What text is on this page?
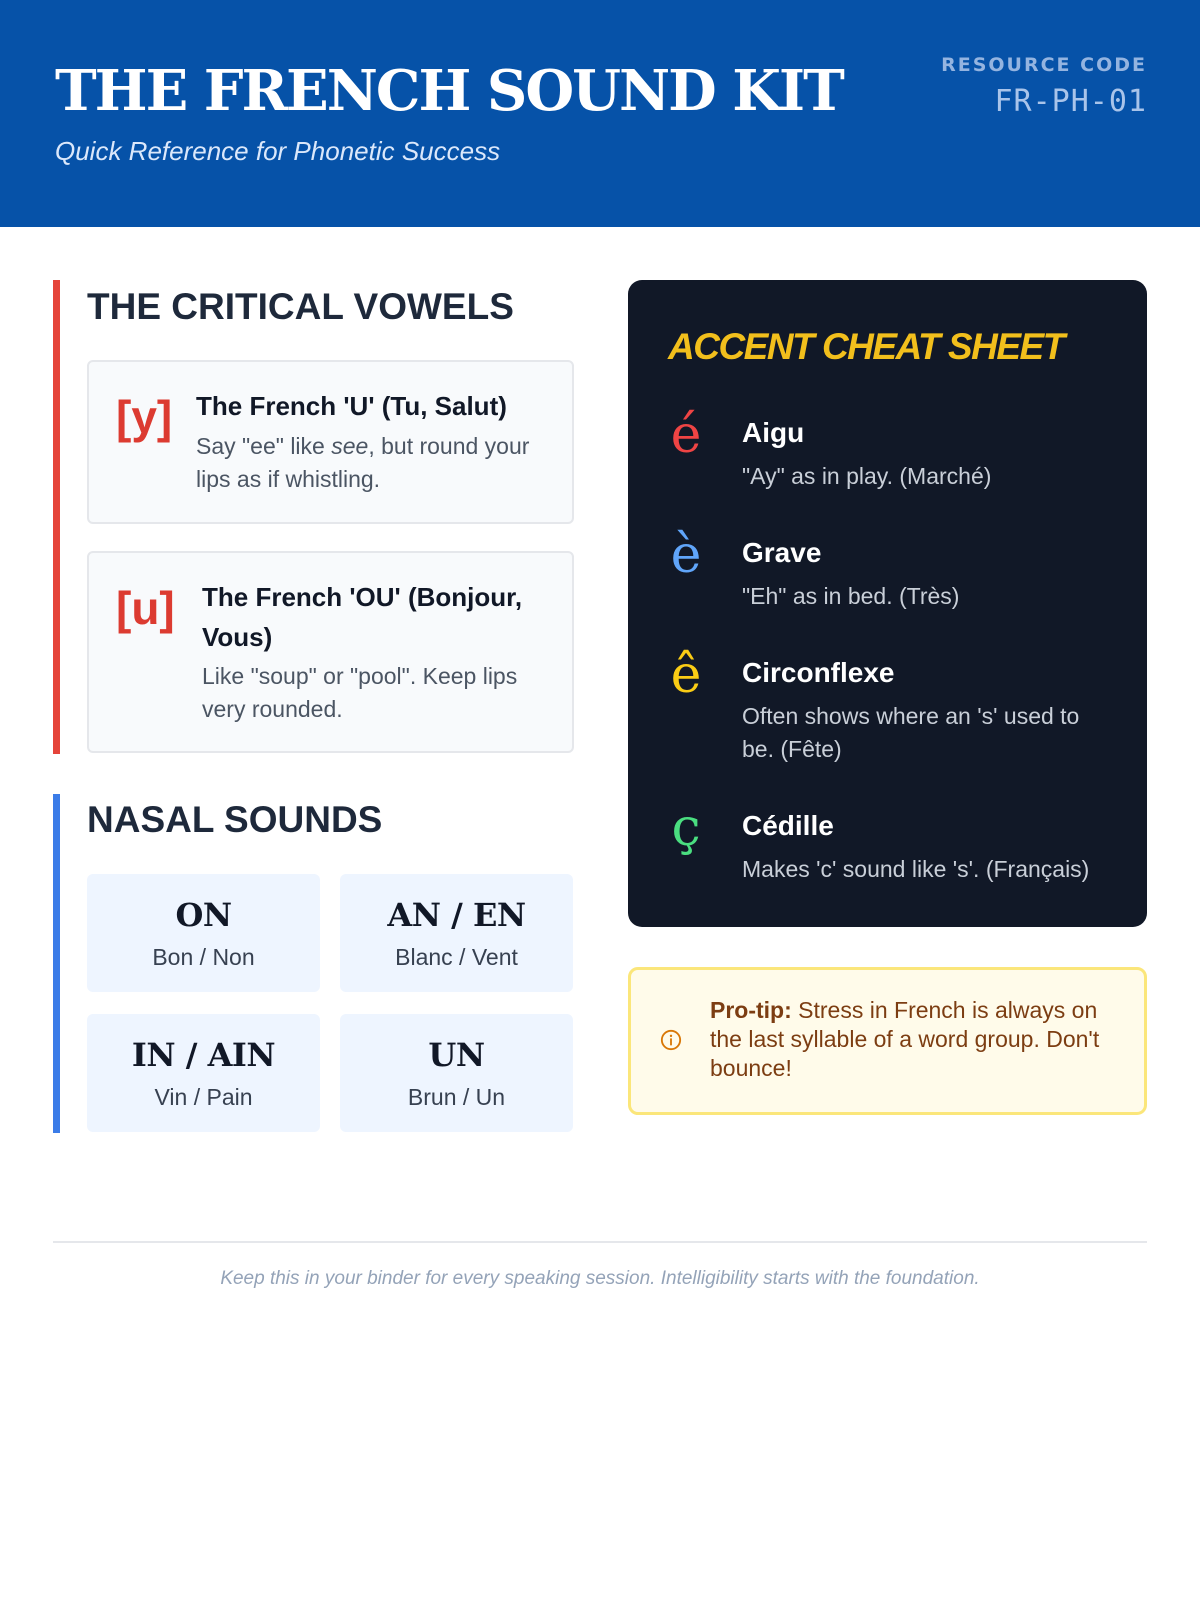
THE FRENCH SOUND KIT
Quick Reference for Phonetic Success
RESOURCE CODE
FR-PH-01
THE CRITICAL VOWELS
[y] The French 'U' (Tu, Salut)
Say "ee" like see, but round your lips as if whistling.
[u] The French 'OU' (Bonjour, Vous)
Like "soup" or "pool". Keep lips very rounded.
NASAL SOUNDS
ON
Bon / Non
AN / EN
Blanc / Vent
IN / AIN
Vin / Pain
UN
Brun / Un
ACCENT CHEAT SHEET
é Aigu
"Ay" as in play. (Marché)
è Grave
"Eh" as in bed. (Très)
ê Circonflexe
Often shows where an 's' used to be. (Fête)
ç Cédille
Makes 'c' sound like 's'. (Français)
Pro-tip: Stress in French is always on the last syllable of a word group. Don't bounce!
Keep this in your binder for every speaking session. Intelligibility starts with the foundation.
